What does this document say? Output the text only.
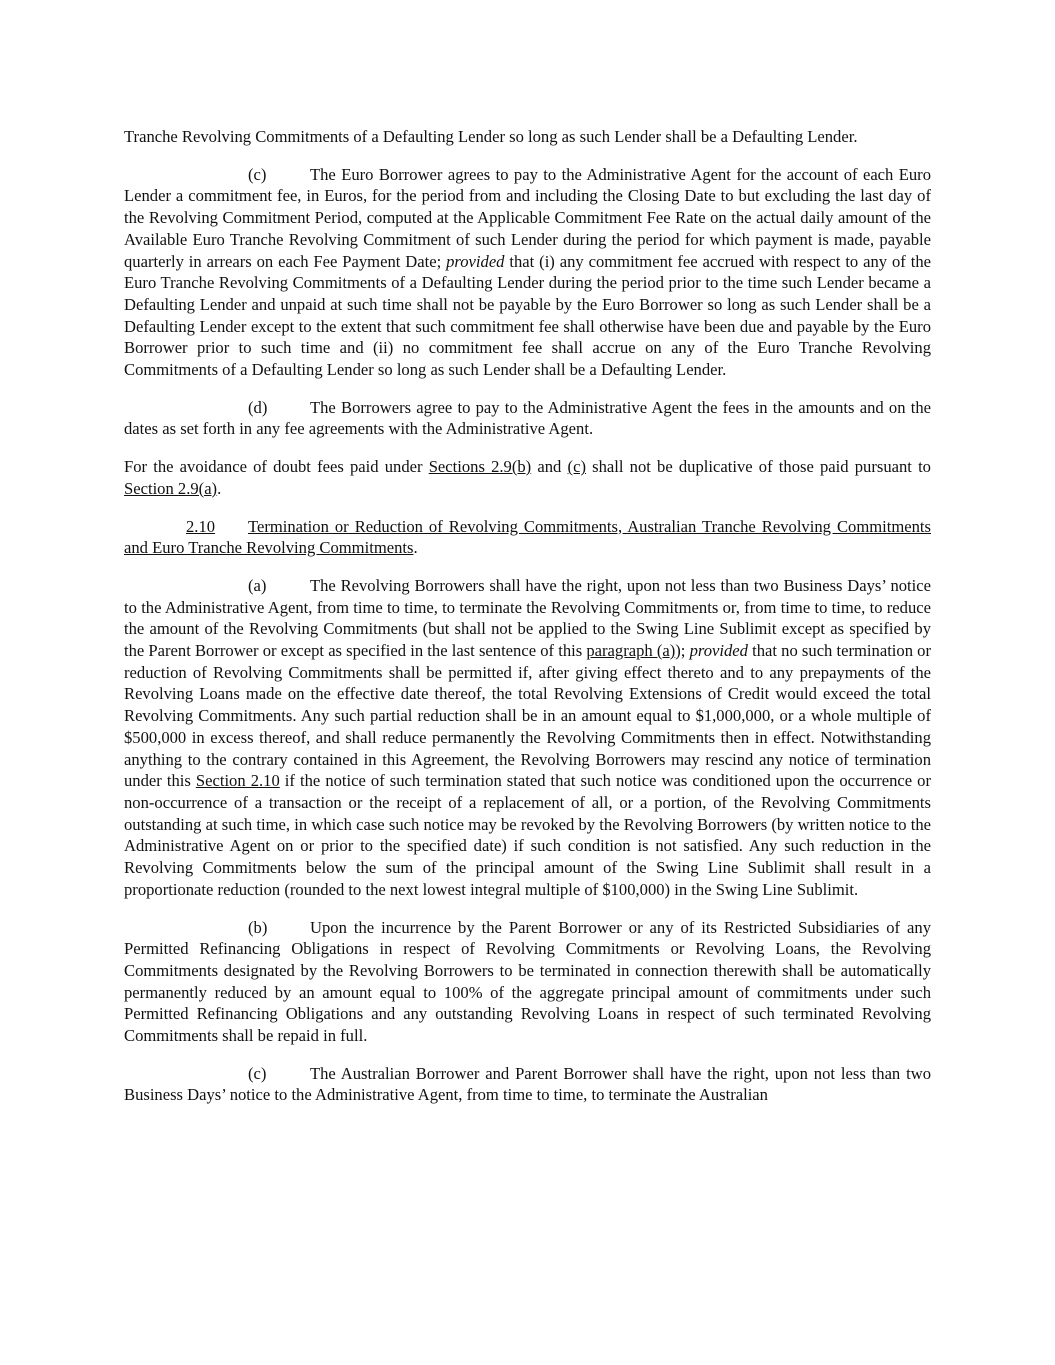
Tranche Revolving Commitments of a Defaulting Lender so long as such Lender shall be a Defaulting Lender.

(c)	The Euro Borrower agrees to pay to the Administrative Agent for the account of each Euro Lender a commitment fee, in Euros, for the period from and including the Closing Date to but excluding the last day of the Revolving Commitment Period, computed at the Applicable Commitment Fee Rate on the actual daily amount of the Available Euro Tranche Revolving Commitment of such Lender during the period for which payment is made, payable quarterly in arrears on each Fee Payment Date; provided that (i) any commitment fee accrued with respect to any of the Euro Tranche Revolving Commitments of a Defaulting Lender during the period prior to the time such Lender became a Defaulting Lender and unpaid at such time shall not be payable by the Euro Borrower so long as such Lender shall be a Defaulting Lender except to the extent that such commitment fee shall otherwise have been due and payable by the Euro Borrower prior to such time and (ii) no commitment fee shall accrue on any of the Euro Tranche Revolving Commitments of a Defaulting Lender so long as such Lender shall be a Defaulting Lender.

(d)	The Borrowers agree to pay to the Administrative Agent the fees in the amounts and on the dates as set forth in any fee agreements with the Administrative Agent.

For the avoidance of doubt fees paid under Sections 2.9(b) and (c) shall not be duplicative of those paid pursuant to Section 2.9(a).

2.10 Termination or Reduction of Revolving Commitments, Australian Tranche Revolving Commitments and Euro Tranche Revolving Commitments.

(a)	The Revolving Borrowers shall have the right, upon not less than two Business Days’ notice to the Administrative Agent, from time to time, to terminate the Revolving Commitments or, from time to time, to reduce the amount of the Revolving Commitments (but shall not be applied to the Swing Line Sublimit except as specified by the Parent Borrower or except as specified in the last sentence of this paragraph (a)); provided that no such termination or reduction of Revolving Commitments shall be permitted if, after giving effect thereto and to any prepayments of the Revolving Loans made on the effective date thereof, the total Revolving Extensions of Credit would exceed the total Revolving Commitments. Any such partial reduction shall be in an amount equal to $1,000,000, or a whole multiple of $500,000 in excess thereof, and shall reduce permanently the Revolving Commitments then in effect. Notwithstanding anything to the contrary contained in this Agreement, the Revolving Borrowers may rescind any notice of termination under this Section 2.10 if the notice of such termination stated that such notice was conditioned upon the occurrence or non-occurrence of a transaction or the receipt of a replacement of all, or a portion, of the Revolving Commitments outstanding at such time, in which case such notice may be revoked by the Revolving Borrowers (by written notice to the Administrative Agent on or prior to the specified date) if such condition is not satisfied. Any such reduction in the Revolving Commitments below the sum of the principal amount of the Swing Line Sublimit shall result in a proportionate reduction (rounded to the next lowest integral multiple of $100,000) in the Swing Line Sublimit.

(b)	Upon the incurrence by the Parent Borrower or any of its Restricted Subsidiaries of any Permitted Refinancing Obligations in respect of Revolving Commitments or Revolving Loans, the Revolving Commitments designated by the Revolving Borrowers to be terminated in connection therewith shall be automatically permanently reduced by an amount equal to 100% of the aggregate principal amount of commitments under such Permitted Refinancing Obligations and any outstanding Revolving Loans in respect of such terminated Revolving Commitments shall be repaid in full.

(c)	The Australian Borrower and Parent Borrower shall have the right, upon not less than two Business Days’ notice to the Administrative Agent, from time to time, to terminate the Australian
